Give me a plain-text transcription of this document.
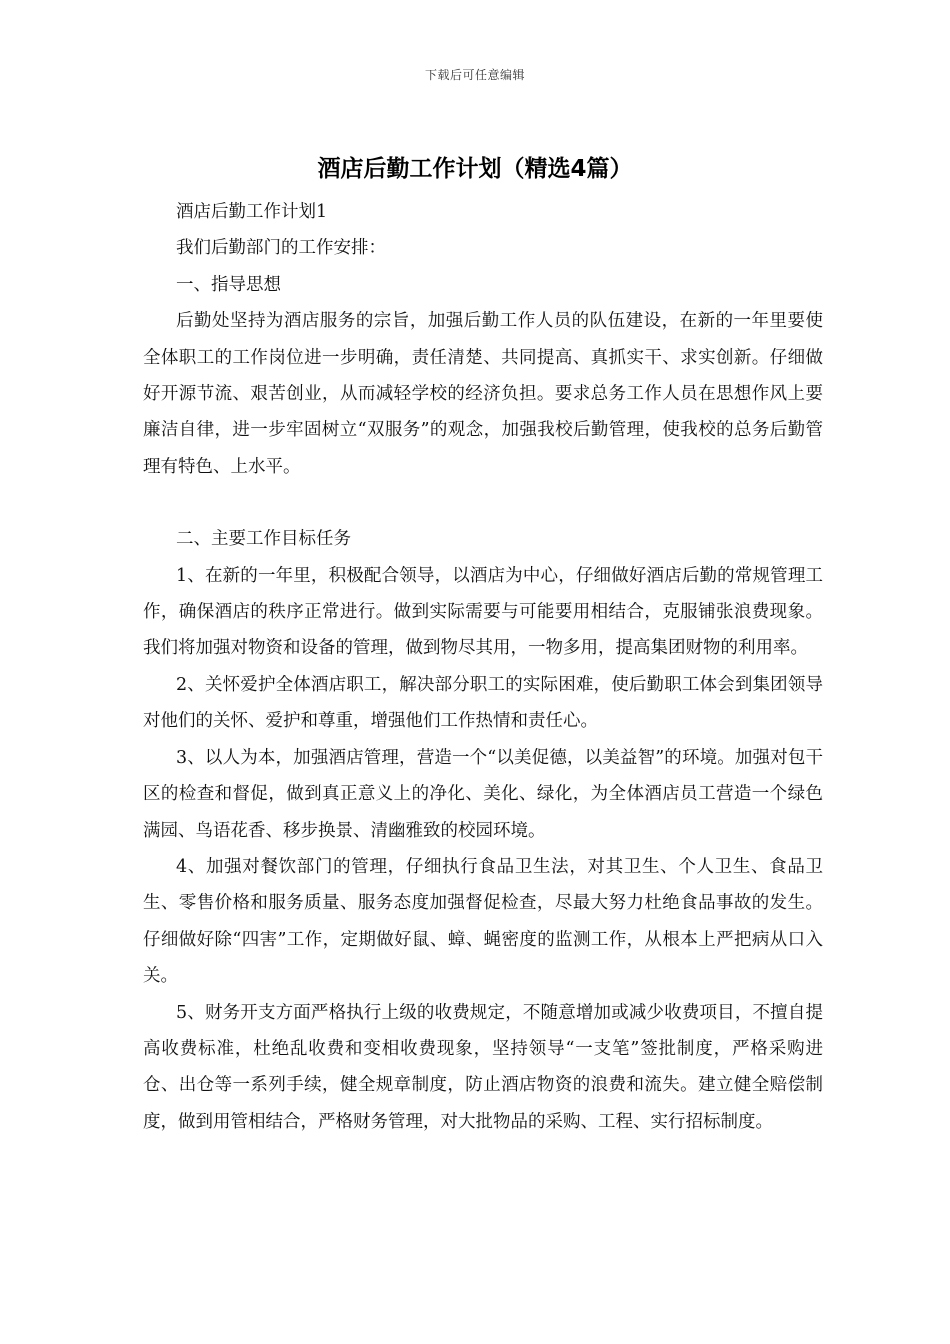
下载后可任意编辑
酒店后勤工作计划（精选4篇）

酒店后勤工作计划1

我们后勤部门的工作安排：

一、指导思想

后勤处坚持为酒店服务的宗旨，加强后勤工作人员的队伍建设，在新的一年里要使全体职工的工作岗位进一步明确，责任清楚、共同提高、真抓实干、求实创新。仔细做好开源节流、艰苦创业，从而减轻学校的经济负担。要求总务工作人员在思想作风上要廉洁自律，进一步牢固树立“双服务”的观念，加强我校后勤管理，使我校的总务后勤管理有特色、上水平。

二、主要工作目标任务

1、在新的一年里，积极配合领导，以酒店为中心，仔细做好酒店后勤的常规管理工作，确保酒店的秩序正常进行。做到实际需要与可能要用相结合，克服铺张浪费现象。我们将加强对物资和设备的管理，做到物尽其用，一物多用，提高集团财物的利用率。

2、关怀爱护全体酒店职工，解决部分职工的实际困难，使后勤职工体会到集团领导对他们的关怀、爱护和尊重，增强他们工作热情和责任心。

3、以人为本，加强酒店管理，营造一个“以美促德，以美益智”的环境。加强对包干区的检查和督促，做到真正意义上的净化、美化、绿化，为全体酒店员工营造一个绿色满园、鸟语花香、移步换景、清幽雅致的校园环境。

4、加强对餐饮部门的管理，仔细执行食品卫生法，对其卫生、个人卫生、食品卫生、零售价格和服务质量、服务态度加强督促检查，尽最大努力杜绝食品事故的发生。仔细做好除“四害”工作，定期做好鼠、蟑、蝇密度的监测工作，从根本上严把病从口入关。

5、财务开支方面严格执行上级的收费规定，不随意增加或减少收费项目，不擅自提高收费标准，杜绝乱收费和变相收费现象，坚持领导“一支笔”签批制度，严格采购进仓、出仓等一系列手续，健全规章制度，防止酒店物资的浪费和流失。建立健全赔偿制度，做到用管相结合，严格财务管理，对大批物品的采购、工程、实行招标制度。
